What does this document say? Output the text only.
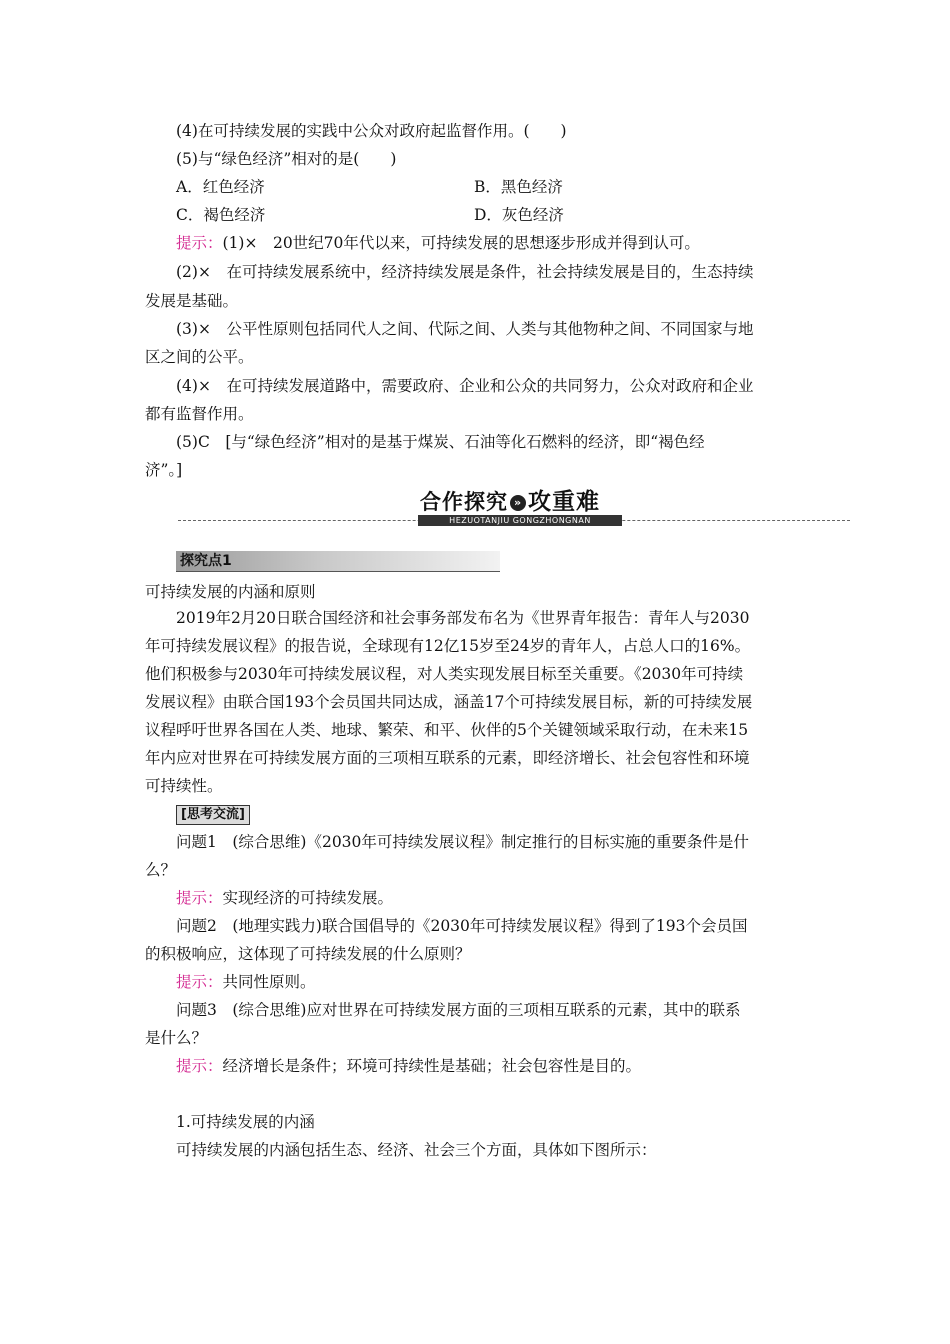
(4)在可持续发展的实践中公众对政府起监督作用。(　　)
(5)与“绿色经济”相对的是(　　)
A．红色经济	B．黑色经济
C．褐色经济	D．灰色经济
提示：(1)×　20世纪70年代以来，可持续发展的思想逐步形成并得到认可。
(2)×　在可持续发展系统中，经济持续发展是条件，社会持续发展是目的，生态持续
发展是基础。
(3)×　公平性原则包括同代人之间、代际之间、人类与其他物种之间、不同国家与地
区之间的公平。
(4)×　在可持续发展道路中，需要政府、企业和公众的共同努力，公众对政府和企业
都有监督作用。
(5)C　[与“绿色经济”相对的是基于煤炭、石油等化石燃料的经济，即“褐色经
济”。]
合作探究 » 攻重难
HEZUOTANJIU GONGZHONGNAN
探究点1
可持续发展的内涵和原则
2019年2月20日联合国经济和社会事务部发布名为《世界青年报告：青年人与2030
年可持续发展议程》的报告说，全球现有12亿15岁至24岁的青年人，占总人口的16%。
他们积极参与2030年可持续发展议程，对人类实现发展目标至关重要。《2030年可持续
发展议程》由联合国193个会员国共同达成，涵盖17个可持续发展目标，新的可持续发展
议程呼吁世界各国在人类、地球、繁荣、和平、伙伴的5个关键领域采取行动，在未来15
年内应对世界在可持续发展方面的三项相互联系的元素，即经济增长、社会包容性和环境
可持续性。
[思考交流]
问题1　(综合思维)《2030年可持续发展议程》制定推行的目标实施的重要条件是什
么？
提示：实现经济的可持续发展。
问题2　(地理实践力)联合国倡导的《2030年可持续发展议程》得到了193个会员国
的积极响应，这体现了可持续发展的什么原则？
提示：共同性原则。
问题3　(综合思维)应对世界在可持续发展方面的三项相互联系的元素，其中的联系
是什么？
提示：经济增长是条件；环境可持续性是基础；社会包容性是目的。
1.可持续发展的内涵
可持续发展的内涵包括生态、经济、社会三个方面，具体如下图所示：
